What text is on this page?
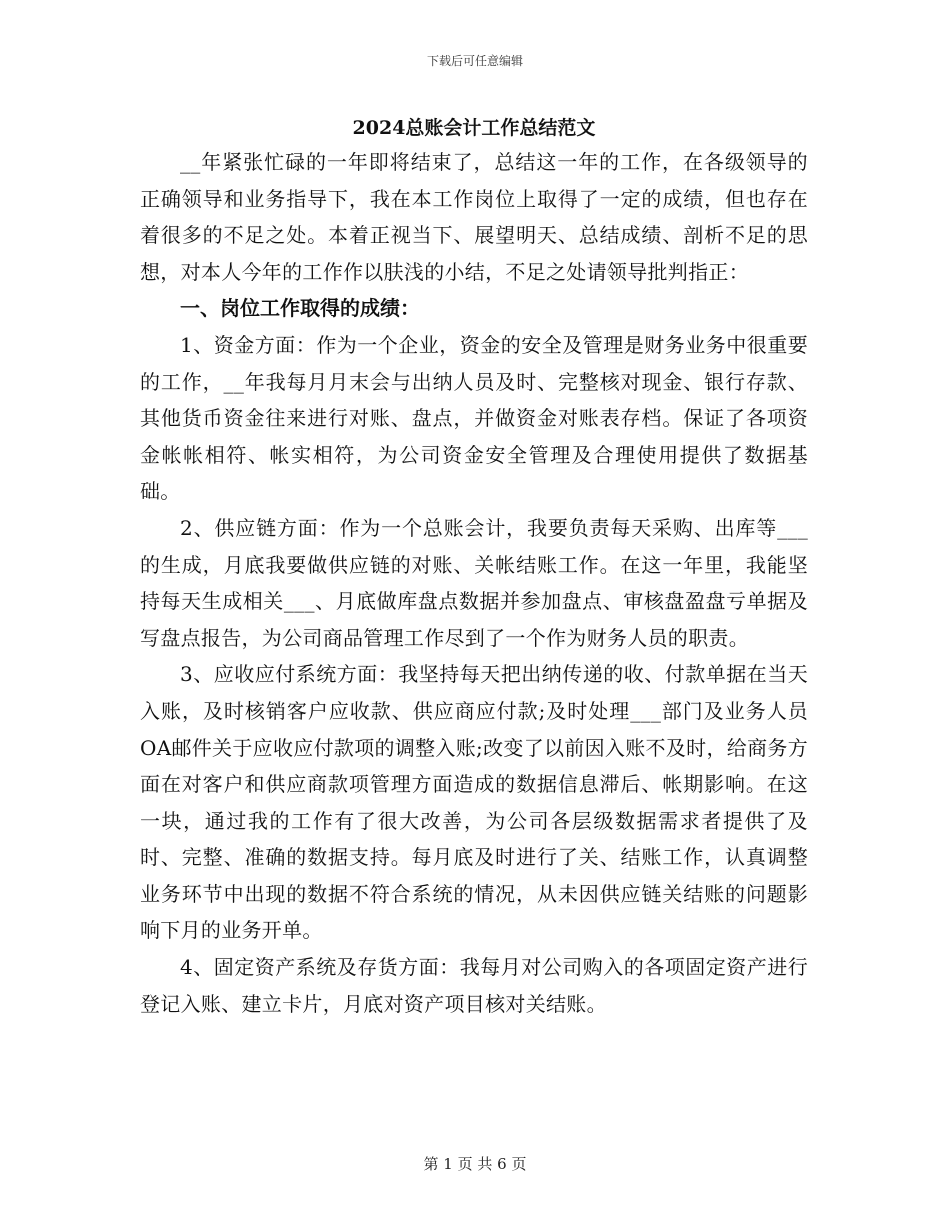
下载后可任意编辑
2024总账会计工作总结范文

__年紧张忙碌的一年即将结束了，总结这一年的工作，在各级领导的正确领导和业务指导下，我在本工作岗位上取得了一定的成绩，但也存在着很多的不足之处。本着正视当下、展望明天、总结成绩、剖析不足的思想，对本人今年的工作作以肤浅的小结，不足之处请领导批判指正：

一、岗位工作取得的成绩：

1、资金方面：作为一个企业，资金的安全及管理是财务业务中很重要的工作，__年我每月月末会与出纳人员及时、完整核对现金、银行存款、其他货币资金往来进行对账、盘点，并做资金对账表存档。保证了各项资金帐帐相符、帐实相符，为公司资金安全管理及合理使用提供了数据基础。

2、供应链方面：作为一个总账会计，我要负责每天采购、出库等___的生成，月底我要做供应链的对账、关帐结账工作。在这一年里，我能坚持每天生成相关___、月底做库盘点数据并参加盘点、审核盘盈盘亏单据及写盘点报告，为公司商品管理工作尽到了一个作为财务人员的职责。

3、应收应付系统方面：我坚持每天把出纳传递的收、付款单据在当天入账，及时核销客户应收款、供应商应付款;及时处理___部门及业务人员OA邮件关于应收应付款项的调整入账;改变了以前因入账不及时，给商务方面在对客户和供应商款项管理方面造成的数据信息滞后、帐期影响。在这一块，通过我的工作有了很大改善，为公司各层级数据需求者提供了及时、完整、准确的数据支持。每月底及时进行了关、结账工作，认真调整业务环节中出现的数据不符合系统的情况，从未因供应链关结账的问题影响下月的业务开单。

4、固定资产系统及存货方面：我每月对公司购入的各项固定资产进行登记入账、建立卡片，月底对资产项目核对关结账。

第 1 页 共 6 页
